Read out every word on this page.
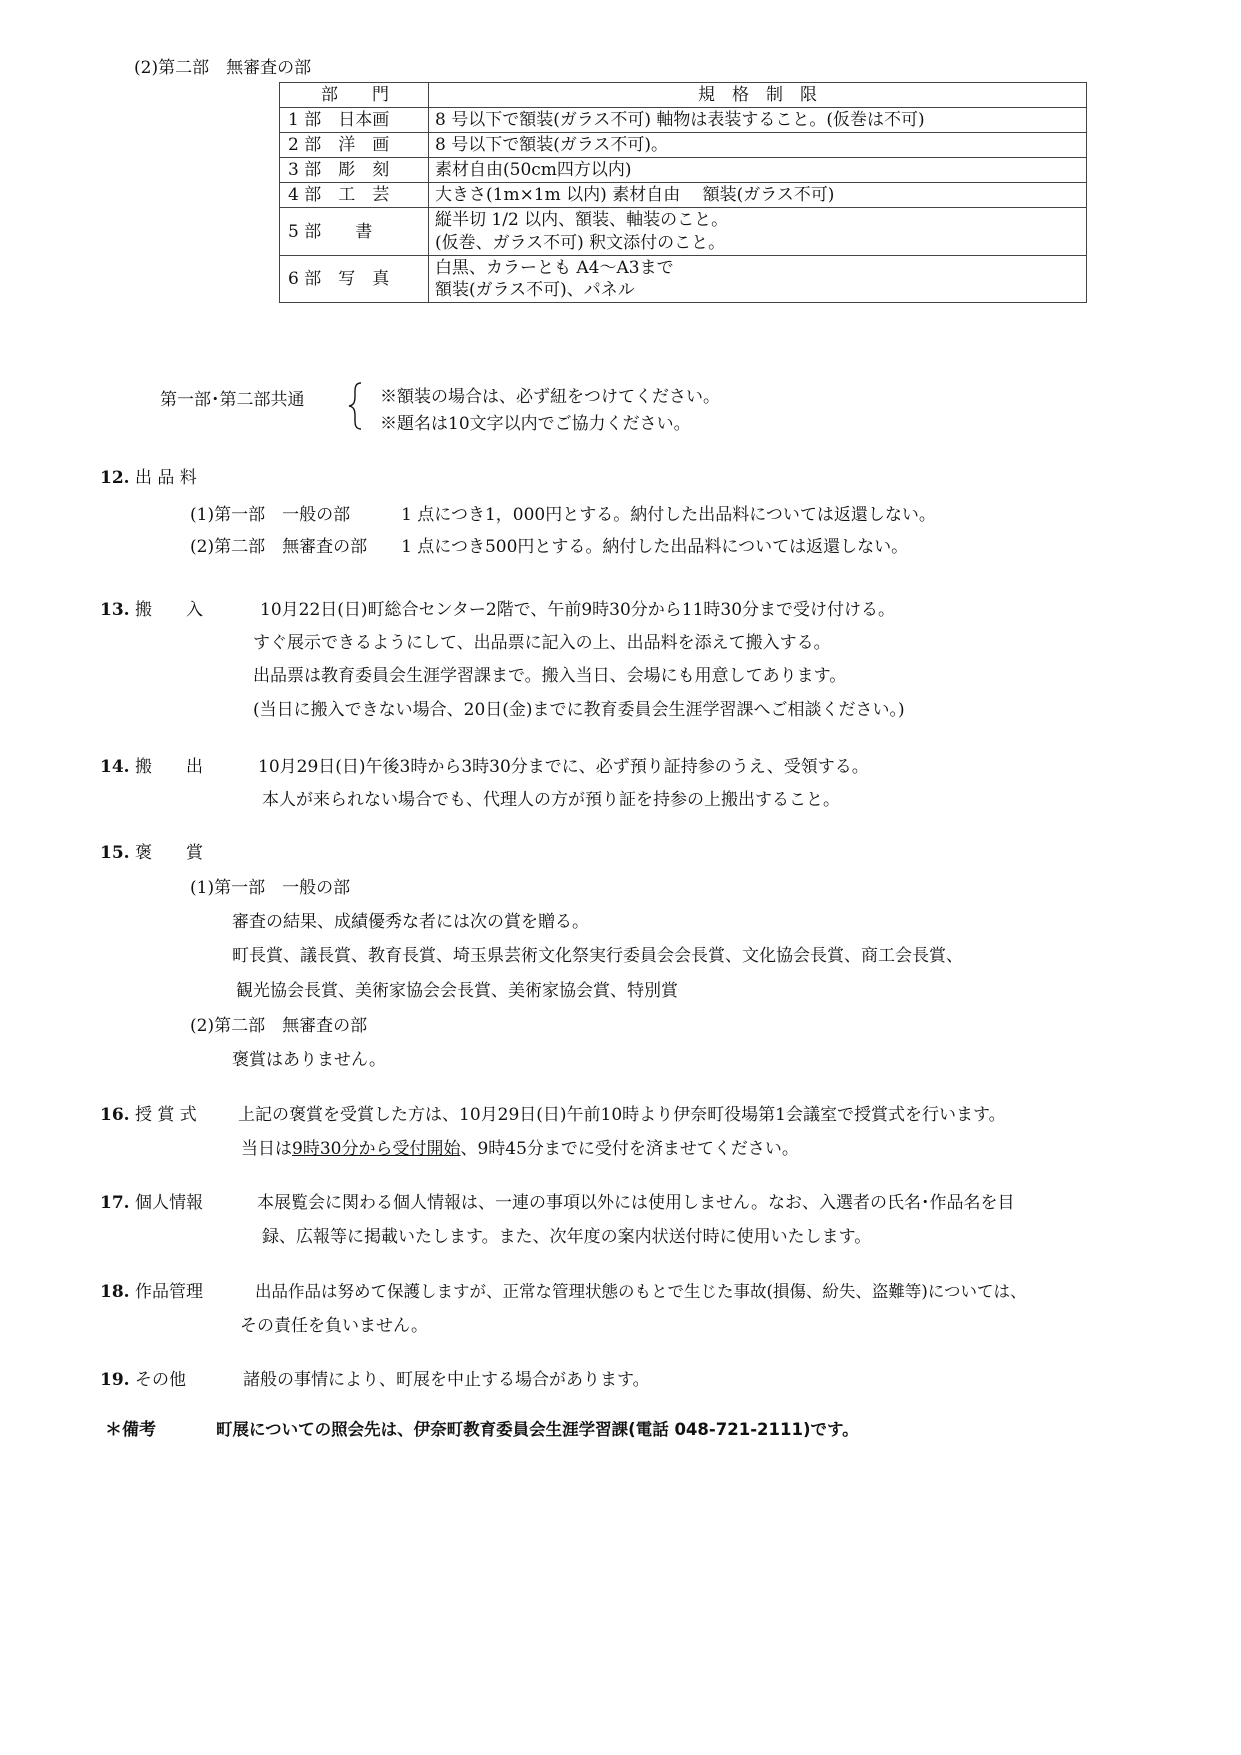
(2)第二部　無審査の部
部　　門	規　格　制　限
1 部　日本画	8 号以下で額装(ガラス不可) 軸物は表装すること。(仮巻は不可)
2 部　洋　画	8 号以下で額装(ガラス不可)。
3 部　彫　刻	素材自由(50cm四方以内)
4 部　工　芸	大きさ(1m×1m 以内) 素材自由　 額装(ガラス不可)
5 部　　書	縦半切 1/2 以内、額装、軸装のこと。
(仮巻、ガラス不可) 釈文添付のこと。

6 部　写　真	白黒、カラーとも A4～A3まで
額装(ガラス不可)、パネル
第一部･第二部共通	※額装の場合は、必ず紐をつけてください。
※題名は10文字以内でご協力ください。
12. 出 品 料
(1)第一部　一般の部　　　1 点につき1，000円とする。納付した出品料については返還しない。
(2)第二部　無審査の部　　1 点につき500円とする。納付した出品料については返還しない。
13. 搬　　入	10月22日(日)町総合センター2階で、午前9時30分から11時30分まで受け付ける。
すぐ展示できるようにして、出品票に記入の上、出品料を添えて搬入する。
出品票は教育委員会生涯学習課まで。搬入当日、会場にも用意してあります。
(当日に搬入できない場合、20日(金)までに教育委員会生涯学習課へご相談ください。)
14. 搬　　出	10月29日(日)午後3時から3時30分までに、必ず預り証持参のうえ、受領する。
本人が来られない場合でも、代理人の方が預り証を持参の上搬出すること。
15. 褒　　賞
(1)第一部　一般の部
審査の結果、成績優秀な者には次の賞を贈る。
町長賞、議長賞、教育長賞、埼玉県芸術文化祭実行委員会会長賞、文化協会長賞、商工会長賞、
観光協会長賞、美術家協会会長賞、美術家協会賞、特別賞
(2)第二部　無審査の部
褒賞はありません。
16. 授 賞 式 上記の褒賞を受賞した方は、10月29日(日)午前10時より伊奈町役場第1会議室で授賞式を行います。
当日は9時30分から受付開始、9時45分までに受付を済ませてください。
17. 個人情報	本展覧会に関わる個人情報は、一連の事項以外には使用しません。なお、入選者の氏名･作品名を目
録、広報等に掲載いたします。また、次年度の案内状送付時に使用いたします。
18. 作品管理	出品作品は努めて保護しますが、正常な管理状態のもとで生じた事故(損傷、紛失、盗難等)については、
その責任を負いません。
19. その他	諸般の事情により、町展を中止する場合があります。
＊備考	町展についての照会先は、伊奈町教育委員会生涯学習課(電話 048-721-2111)です。
